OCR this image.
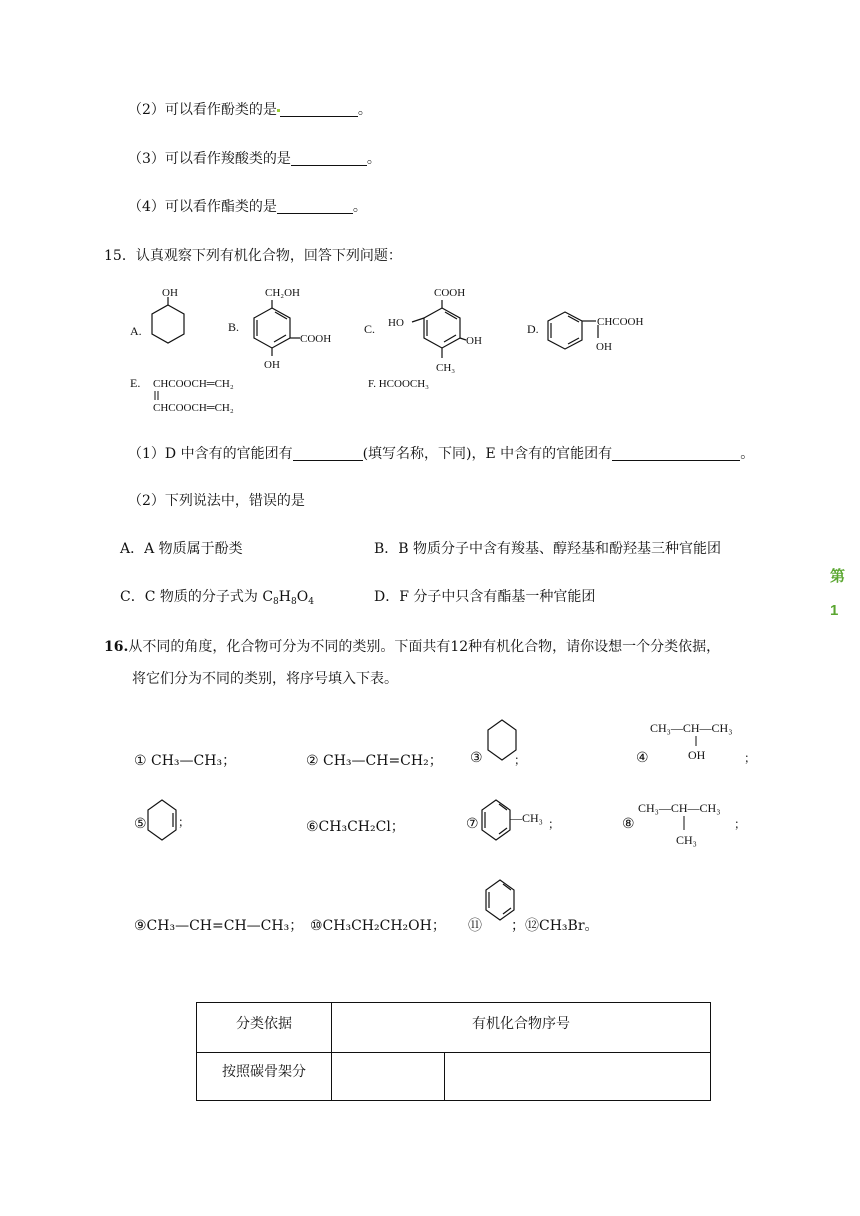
（2）可以看作酚类的是	。
（3）可以看作羧酸类的是	。
（4）可以看作酯类的是	。
15．认真观察下列有机化合物，回答下列问题：
A.
OH
B.
CH₂OH
COOH
OH
C.
COOH
HO
OH
CH₃
D.	CHCOOH
OH
E. CHCOOCH═CH₂
CHCOOCH═CH₂
F. HCOOCH₃
（1）D 中含有的官能团有	(填写名称，下同)，E 中含有的官能团有	。
（2）下列说法中，错误的是
A．A 物质属于酚类	B．B 物质分子中含有羧基、醇羟基和酚羟基三种官能团
C．C 物质的分子式为 $C_8H_8O_4$	D．F 分子中只含有酯基一种官能团
第
1
16.从不同的角度，化合物可分为不同的类别。下面共有12种有机化合物，请你设想一个分类依据，
将它们分为不同的类别，将序号填入下表。
① CH₃—CH₃；	② CH₃—CH=CH₂； ③	；	④
CH₃—CH—CH₃
OH	；
⑤	；	⑥CH₃CH₂Cl；	⑦	—CH₃ ；	⑧
CH₃—CH—CH₃
CH₃
；
⑨CH₃—CH=CH—CH₃； ⑩CH₃CH₂CH₂OH； ⑪ ；⑫CH₃Br。
分类依据	有机化合物序号	
按照碳骨架分		
